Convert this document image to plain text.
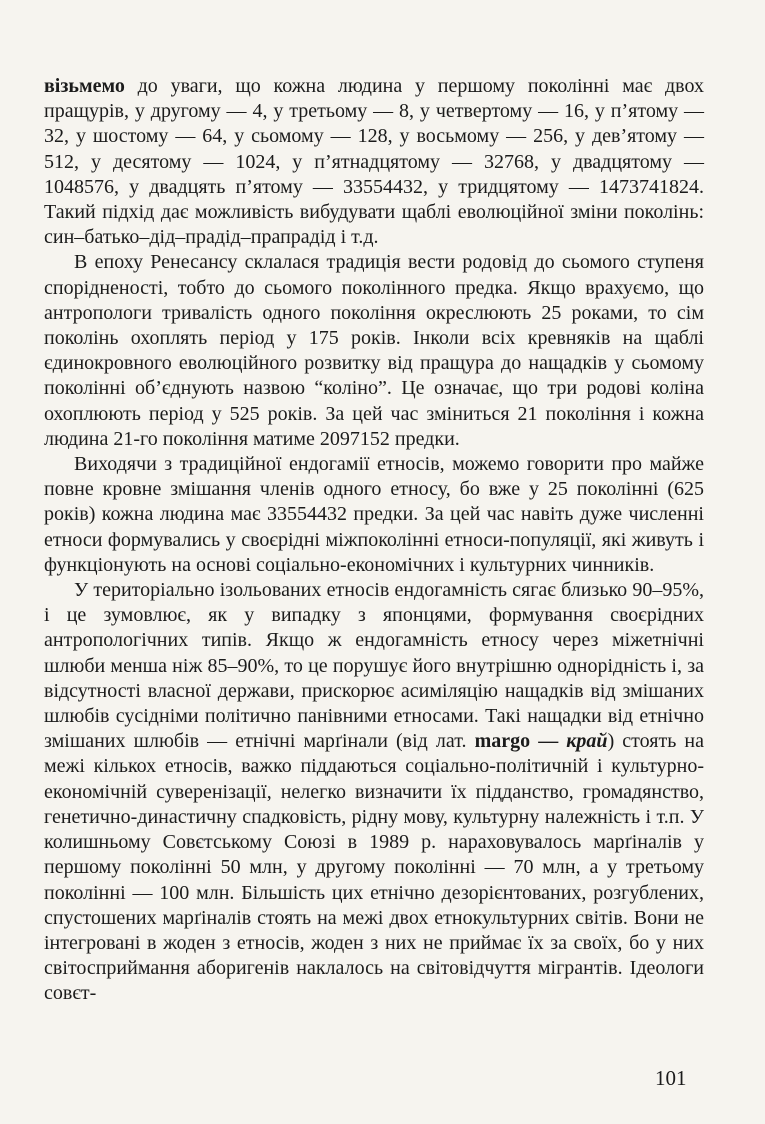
візьмемо до уваги, що кожна людина у першому поколінні має двох пращурів, у другому — 4, у третьому — 8, у четвертому — 16, у п’ятому — 32, у шостому — 64, у сьомому — 128, у восьмому — 256, у дев’ятому — 512, у десятому — 1024, у п’ятнадцятому — 32768, у двадцятому — 1048576, у двадцять п’ятому — 33554432, у тридцятому — 1473741824. Такий підхід дає можливість вибудувати щаблі еволюційної зміни поколінь: син–батько–дід–прадід–прапрадід і т.д.

В епоху Ренесансу склалася традиція вести родовід до сьомого ступеня спорідненості, тобто до сьомого поколінного предка. Якщо врахуємо, що антропологи тривалість одного покоління окреслюють 25 роками, то сім поколінь охоплять період у 175 років. Інколи всіх кревняків на щаблі єдинокровного еволюційного розвитку від пращура до нащадків у сьомому поколінні об’єднують назвою “коліно”. Це означає, що три родові коліна охоплюють період у 525 років. За цей час зміниться 21 покоління і кожна людина 21-го покоління матиме 2097152 предки.

Виходячи з традиційної ендогамії етносів, можемо говорити про майже повне кровне змішання членів одного етносу, бо вже у 25 поколінні (625 років) кожна людина має 33554432 предки. За цей час навіть дуже численні етноси формувались у своєрідні міжпоколінні етноси-популяції, які живуть і функціонують на основі соціально-економічних і культурних чинників.

У територіально ізольованих етносів ендогамність сягає близько 90–95%, і це зумовлює, як у випадку з японцями, формування своєрідних антропологічних типів. Якщо ж ендогамність етносу через міжетнічні шлюби менша ніж 85–90%, то це порушує його внутрішню однорідність і, за відсутності власної держави, прискорює асиміляцію нащадків від змішаних шлюбів сусідніми політично панівними етносами. Такі нащадки від етнічно змішаних шлюбів — етнічні марґінали (від лат. margo — край) стоять на межі кількох етносів, важко піддаються соціально-політичній і культурно-економічній суверенізації, нелегко визначити їх підданство, громадянство, генетично-династичну спадковість, рідну мову, культурну належність і т.п. У колишньому Совєтському Союзі в 1989 р. нараховувалось марґіналів у першому поколінні 50 млн, у другому поколінні — 70 млн, а у третьому поколінні — 100 млн. Більшість цих етнічно дезорієнтованих, розгублених, спустошених марґіналів стоять на межі двох етнокультурних світів. Вони не інтегровані в жоден з етносів, жоден з них не приймає їх за своїх, бо у них світосприймання аборигенів наклалось на світовідчуття мігрантів. Ідеологи совєт-

101
